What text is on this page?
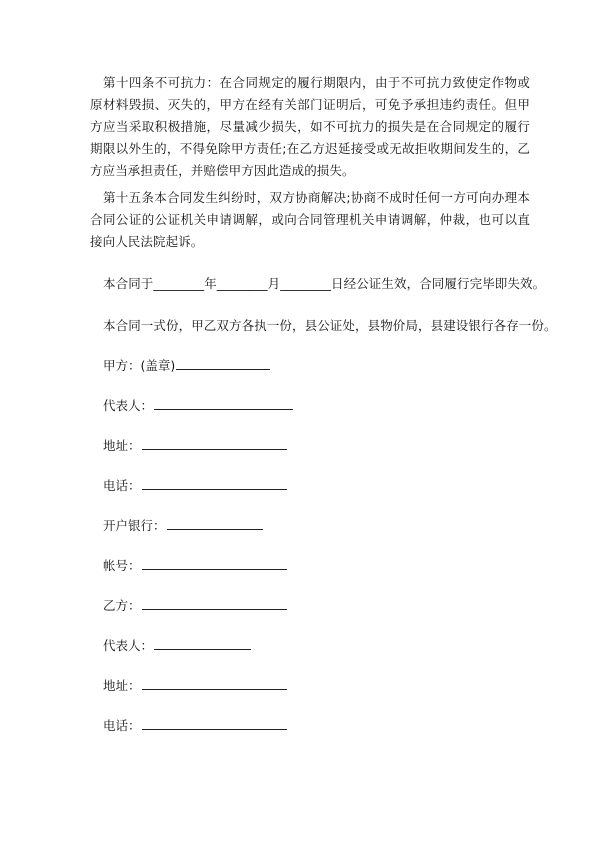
第十四条不可抗力：在合同规定的履行期限内，由于不可抗力致使定作物或原材料毁损、灭失的，甲方在经有关部门证明后，可免予承担违约责任。但甲方应当采取积极措施，尽量减少损失，如不可抗力的损失是在合同规定的履行期限以外生的，不得免除甲方责任;在乙方迟延接受或无故拒收期间发生的，乙方应当承担责任，并赔偿甲方因此造成的损失。
第十五条本合同发生纠纷时，双方协商解决;协商不成时任何一方可向办理本合同公证的公证机关申请调解，或向合同管理机关申请调解，仲裁，也可以直接向人民法院起诉。
本合同于________年________月________日经公证生效，合同履行完毕即失效。
本合同一式份，甲乙双方各执一份，县公证处，县物价局，县建设银行各存一份。
甲方：(盖章)
代表人：
地址：
电话：
开户银行：
帐号：
乙方：
代表人：
地址：
电话：
